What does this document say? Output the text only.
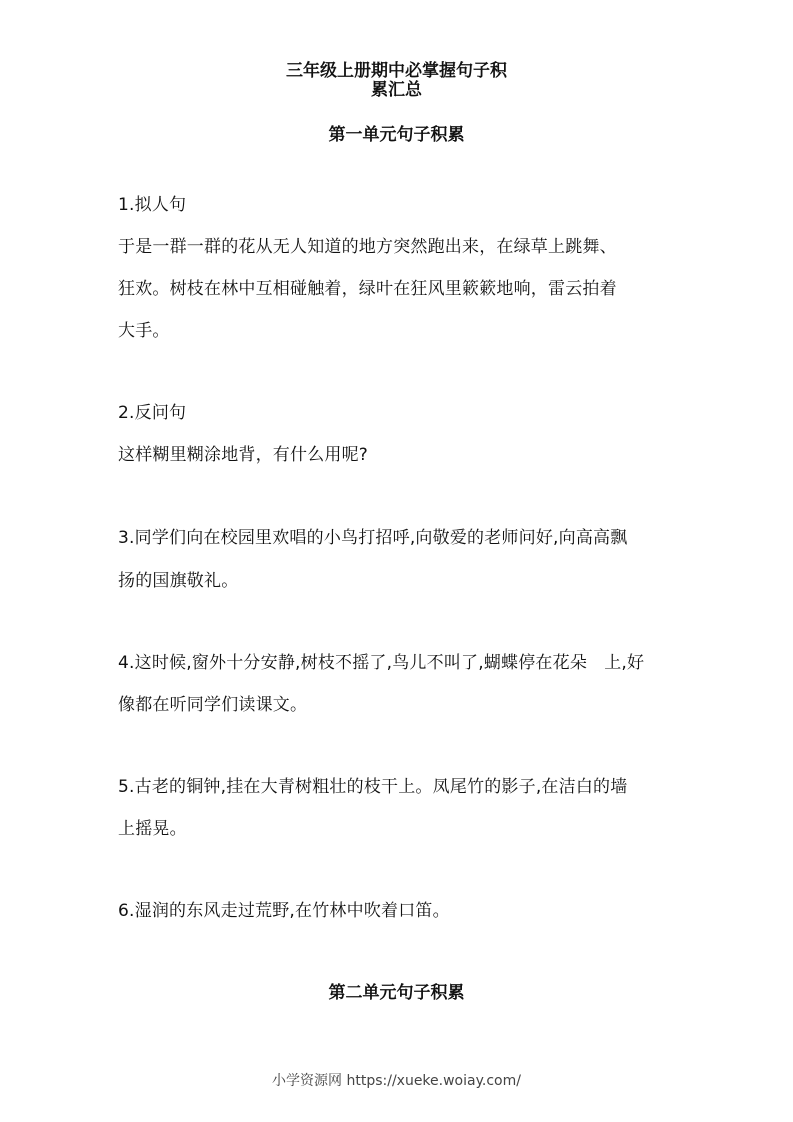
三年级上册期中必掌握句子积
累汇总
第一单元句子积累
1.拟人句
于是一群一群的花从无人知道的地方突然跑出来，在绿草上跳舞、
狂欢。树枝在林中互相碰触着，绿叶在狂风里簌簌地响，雷云拍着
大手。
2.反问句
这样糊里糊涂地背，有什么用呢?
3.同学们向在校园里欢唱的小鸟打招呼,向敬爱的老师问好,向高高飘
扬的国旗敬礼。
4.这时候,窗外十分安静,树枝不摇了,鸟儿不叫了,蝴蝶停在花朵　上,好
像都在听同学们读课文。
5.古老的铜钟,挂在大青树粗壮的枝干上。凤尾竹的影子,在洁白的墙
上摇晃。
6.湿润的东风走过荒野,在竹林中吹着口笛。
第二单元句子积累
小学资源网 https://xueke.woiay.com/
